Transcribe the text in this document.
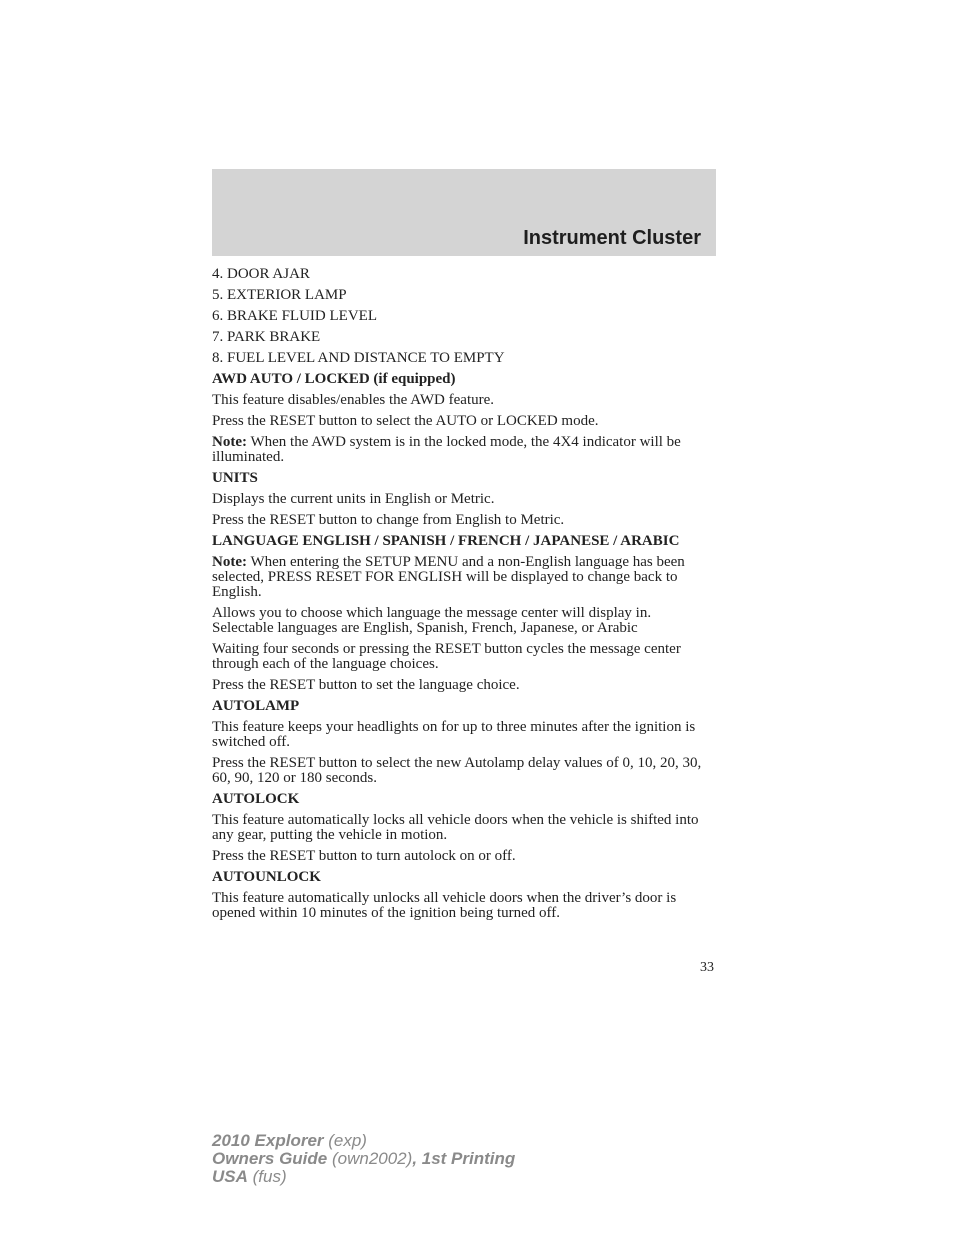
Instrument Cluster

4. DOOR AJAR

5. EXTERIOR LAMP

6. BRAKE FLUID LEVEL

7. PARK BRAKE

8. FUEL LEVEL AND DISTANCE TO EMPTY

AWD AUTO / LOCKED (if equipped)

This feature disables/enables the AWD feature.

Press the RESET button to select the AUTO or LOCKED mode.

Note: When the AWD system is in the locked mode, the 4X4 indicator will be illuminated.

UNITS

Displays the current units in English or Metric.

Press the RESET button to change from English to Metric.

LANGUAGE ENGLISH / SPANISH / FRENCH / JAPANESE / ARABIC

Note: When entering the SETUP MENU and a non-English language has been selected, PRESS RESET FOR ENGLISH will be displayed to change back to English.

Allows you to choose which language the message center will display in. Selectable languages are English, Spanish, French, Japanese, or Arabic

Waiting four seconds or pressing the RESET button cycles the message center through each of the language choices.

Press the RESET button to set the language choice.

AUTOLAMP

This feature keeps your headlights on for up to three minutes after the ignition is switched off.

Press the RESET button to select the new Autolamp delay values of 0, 10, 20, 30, 60, 90, 120 or 180 seconds.

AUTOLOCK

This feature automatically locks all vehicle doors when the vehicle is shifted into any gear, putting the vehicle in motion.

Press the RESET button to turn autolock on or off.

AUTOUNLOCK

This feature automatically unlocks all vehicle doors when the driver’s door is opened within 10 minutes of the ignition being turned off.

33
2010 Explorer (exp)
Owners Guide (own2002), 1st Printing
USA (fus)
